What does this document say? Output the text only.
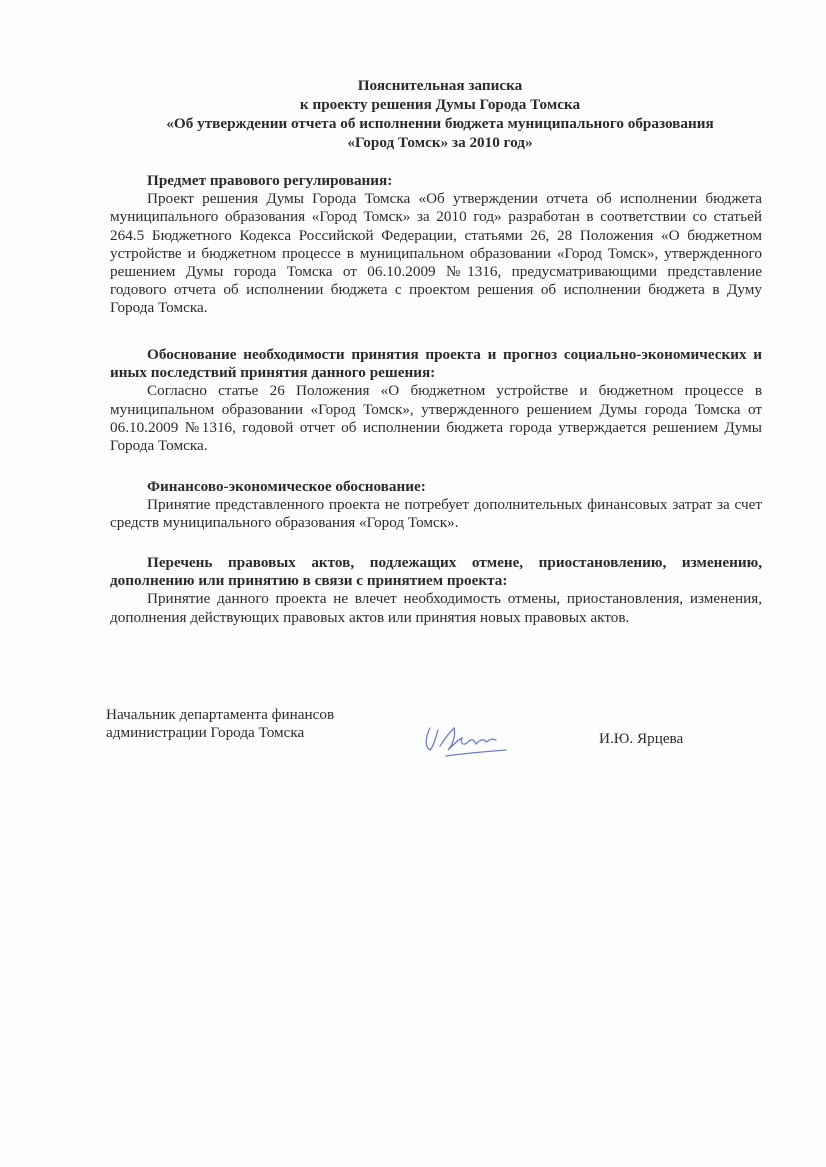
Пояснительная записка
к проекту решения Думы Города Томска
«Об утверждении отчета об исполнении бюджета муниципального образования
«Город Томск» за 2010 год»
Предмет правового регулирования:
Проект решения Думы Города Томска «Об утверждении отчета об исполнении бюджета муниципального образования «Город Томск» за 2010 год» разработан в соответствии со статьей 264.5 Бюджетного Кодекса Российской Федерации, статьями 26, 28 Положения «О бюджетном устройстве и бюджетном процессе в муниципальном образовании «Город Томск», утвержденного решением Думы города Томска от 06.10.2009 №1316, предусматривающими представление годового отчета об исполнении бюджета с проектом решения об исполнении бюджета в Думу Города Томска.
Обоснование необходимости принятия проекта и прогноз социально-экономических и иных последствий принятия данного решения:
Согласно статье 26 Положения «О бюджетном устройстве и бюджетном процессе в муниципальном образовании «Город Томск», утвержденного решением Думы города Томска от 06.10.2009 №1316, годовой отчет об исполнении бюджета города утверждается решением Думы Города Томска.
Финансово-экономическое обоснование:
Принятие представленного проекта не потребует дополнительных финансовых затрат за счет средств муниципального образования «Город Томск».
Перечень правовых актов, подлежащих отмене, приостановлению, изменению, дополнению или принятию в связи с принятием проекта:
Принятие данного проекта не влечет необходимость отмены, приостановления, изменения, дополнения действующих правовых актов или принятия новых правовых актов.
Начальник департамента финансов
администрации Города Томска	И.Ю. Ярцева
